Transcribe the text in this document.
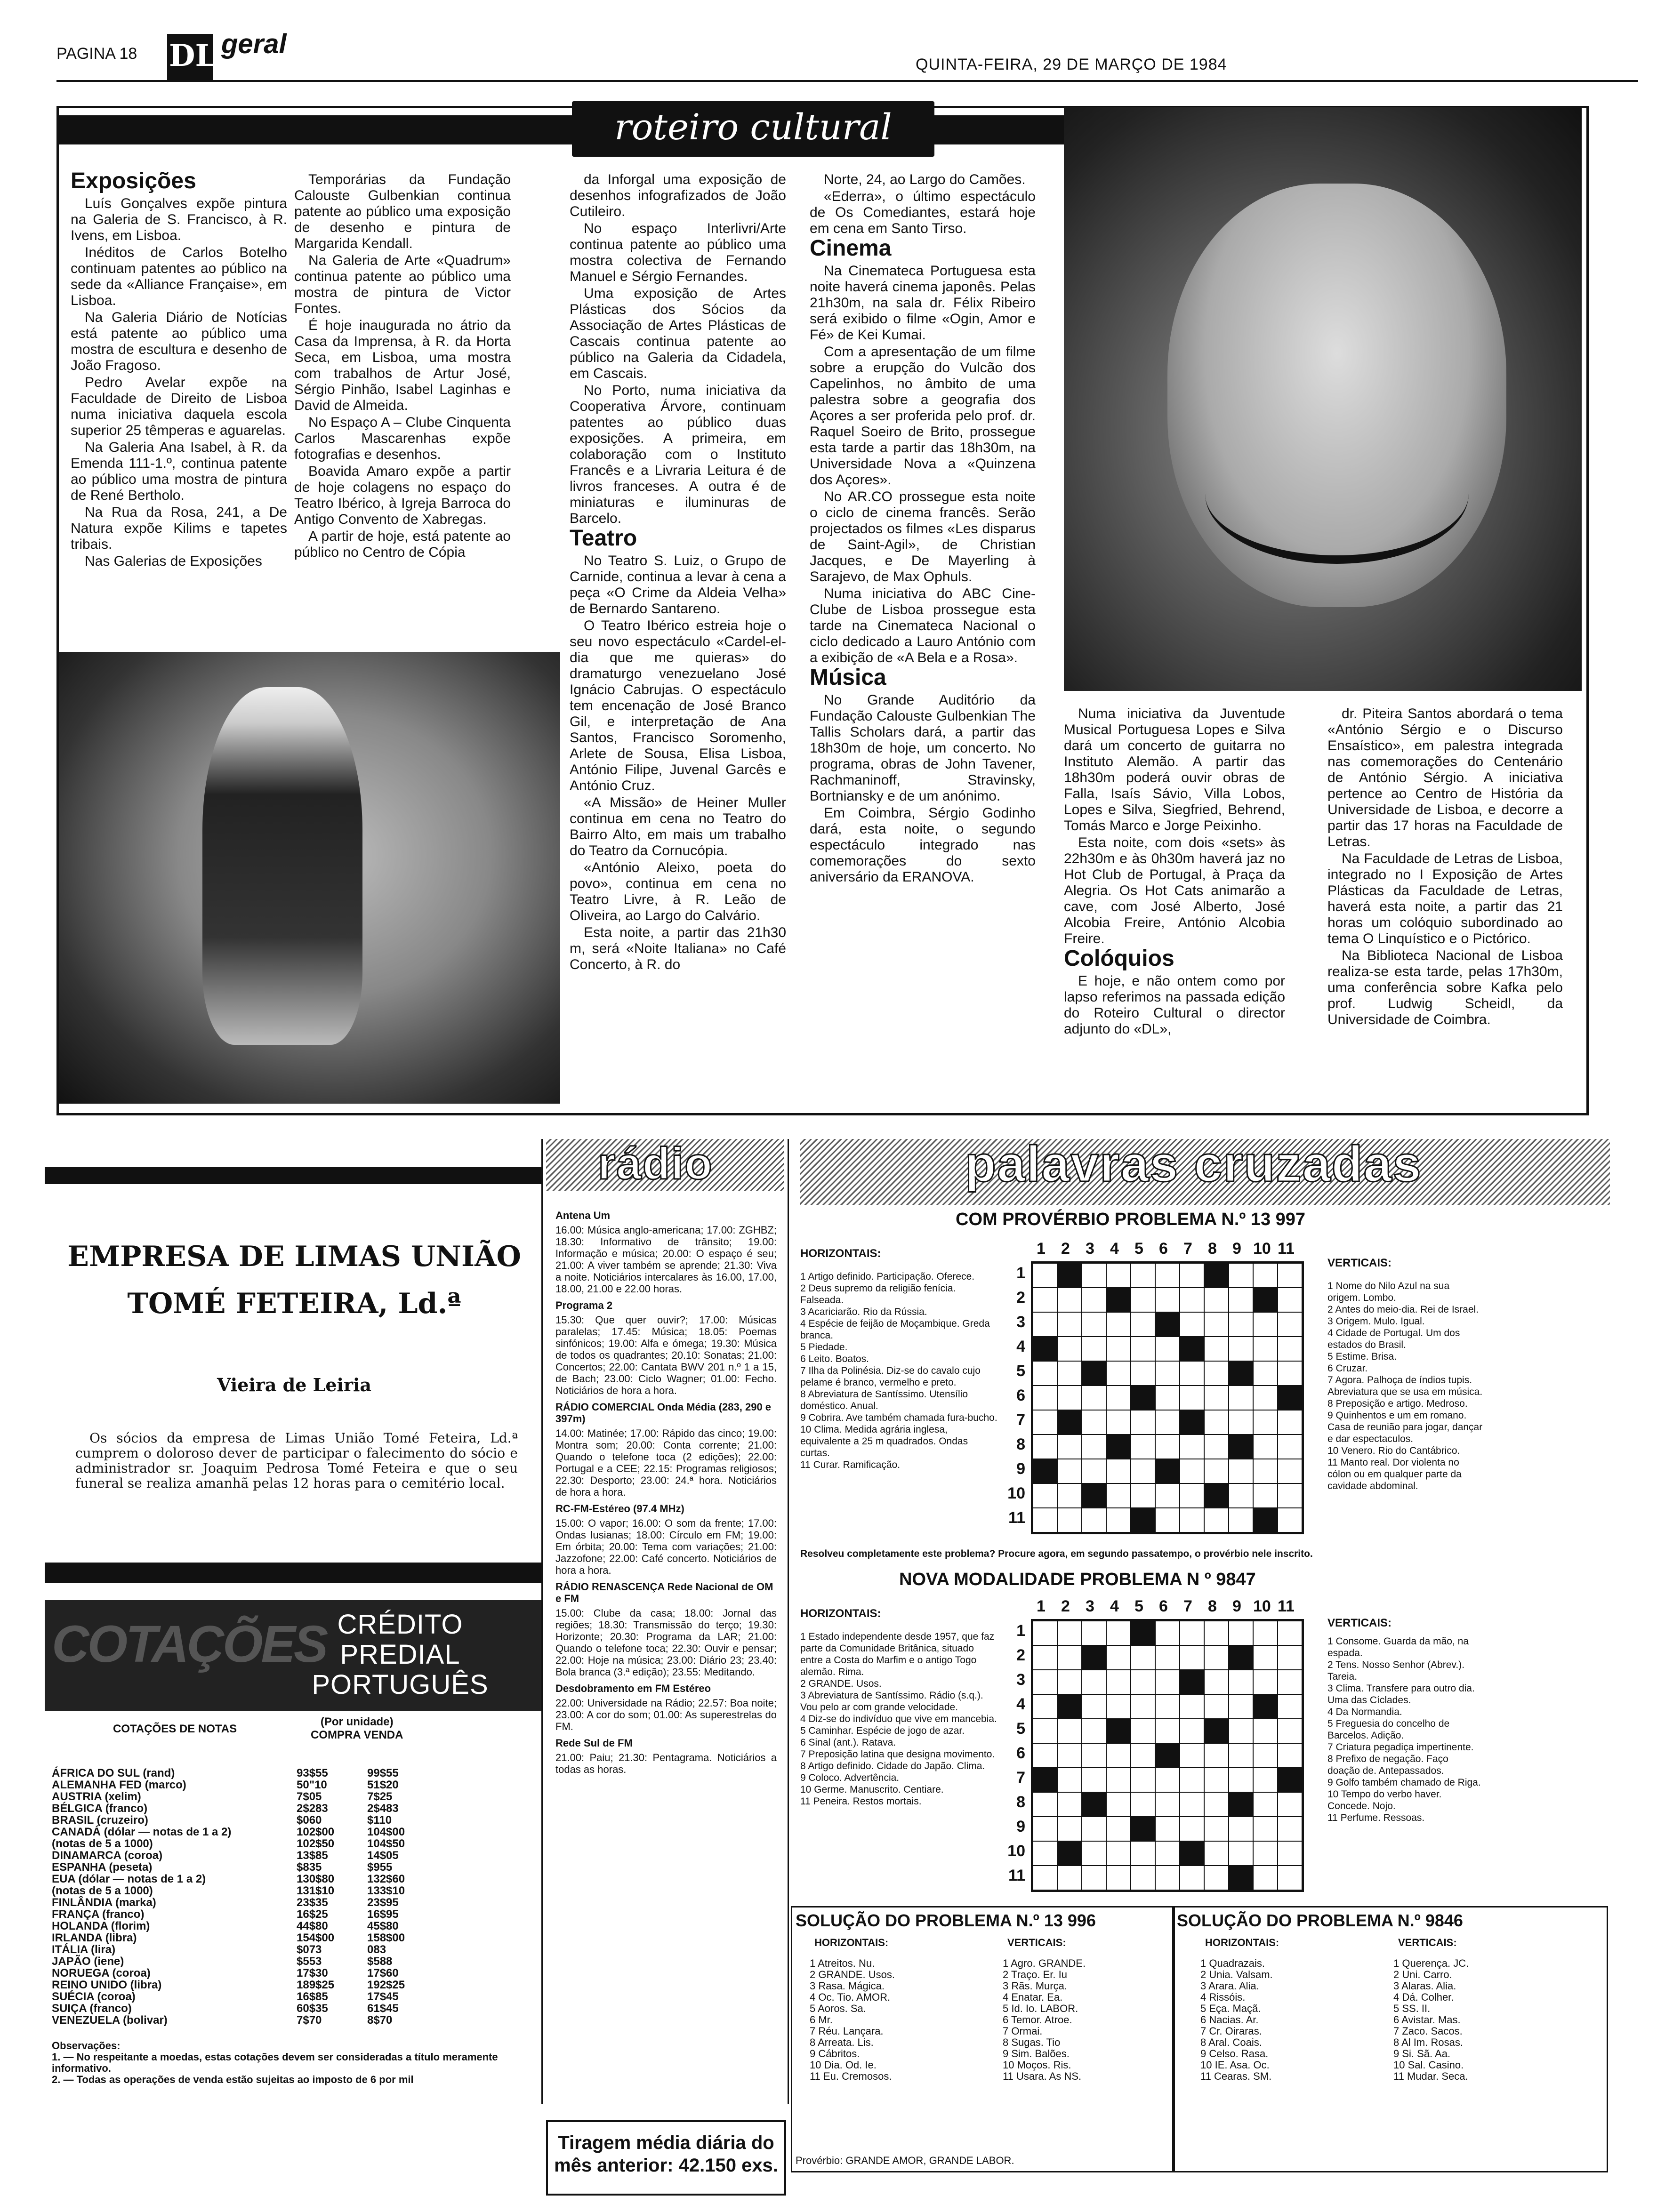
PAGINA 18 DL geral
QUINTA-FEIRA, 29 DE MARÇO DE 1984
roteiro cultural
Exposições

Luís Gonçalves expõe pintura na Galeria de S. Francisco, à R. Ivens, em Lisboa.

Inéditos de Carlos Botelho continuam patentes ao público na sede da «Alliance Française», em Lisboa.

Na Galeria Diário de Notícias está patente ao público uma mostra de escultura e desenho de João Fragoso.

Pedro Avelar expõe na Faculdade de Direito de Lisboa numa iniciativa daquela escola superior 25 têmperas e aguarelas.

Na Galeria Ana Isabel, à R. da Emenda 111-1.º, continua patente ao público uma mostra de pintura de René Bertholo.

Na Rua da Rosa, 241, a De Natura expõe Kilims e tapetes tribais.

Nas Galerias de Exposições

Temporárias da Fundação Calouste Gulbenkian continua patente ao público uma exposição de desenho e pintura de Margarida Kendall.

Na Galeria de Arte «Quadrum» continua patente ao público uma mostra de pintura de Victor Fontes.

É hoje inaugurada no átrio da Casa da Imprensa, à R. da Horta Seca, em Lisboa, uma mostra com trabalhos de Artur José, Sérgio Pinhão, Isabel Laginhas e David de Almeida.

No Espaço A – Clube Cinquenta Carlos Mascarenhas expõe fotografias e desenhos.

Boavida Amaro expõe a partir de hoje colagens no espaço do Teatro Ibérico, à Igreja Barroca do Antigo Convento de Xabregas.

A partir de hoje, está patente ao público no Centro de Cópia

da Inforgal uma exposição de desenhos infografizados de João Cutileiro.

No espaço Interlivri/Arte continua patente ao público uma mostra colectiva de Fernando Manuel e Sérgio Fernandes.

Uma exposição de Artes Plásticas dos Sócios da Associação de Artes Plásticas de Cascais continua patente ao público na Galeria da Cidadela, em Cascais.

No Porto, numa iniciativa da Cooperativa Árvore, continuam patentes ao público duas exposições. A primeira, em colaboração com o Instituto Francês e a Livraria Leitura é de livros franceses. A outra é de miniaturas e iluminuras de Barcelo.

Teatro

No Teatro S. Luiz, o Grupo de Carnide, continua a levar à cena a peça «O Crime da Aldeia Velha» de Bernardo Santareno.

O Teatro Ibérico estreia hoje o seu novo espectáculo «Cardel-el-dia que me quieras» do dramaturgo venezuelano José Ignácio Cabrujas. O espectáculo tem encenação de José Branco Gil, e interpretação de Ana Santos, Francisco Soromenho, Arlete de Sousa, Elisa Lisboa, António Filipe, Juvenal Garcês e António Cruz.

«A Missão» de Heiner Muller continua em cena no Teatro do Bairro Alto, em mais um trabalho do Teatro da Cornucópia.

«António Aleixo, poeta do povo», continua em cena no Teatro Livre, à R. Leão de Oliveira, ao Largo do Calvário.

Esta noite, a partir das 21h30 m, será «Noite Italiana» no Café Concerto, à R. do

Norte, 24, ao Largo do Camões.

«Ederra», o último espectáculo de Os Comediantes, estará hoje em cena em Santo Tirso.

Cinema

Na Cinemateca Portuguesa esta noite haverá cinema japonês. Pelas 21h30m, na sala dr. Félix Ribeiro será exibido o filme «Ogin, Amor e Fé» de Kei Kumai.

Com a apresentação de um filme sobre a erupção do Vulcão dos Capelinhos, no âmbito de uma palestra sobre a geografia dos Açores a ser proferida pelo prof. dr. Raquel Soeiro de Brito, prossegue esta tarde a partir das 18h30m, na Universidade Nova a «Quinzena dos Açores».

No AR.CO prossegue esta noite o ciclo de cinema francês. Serão projectados os filmes «Les disparus de Saint-Agil», de Christian Jacques, e De Mayerling à Sarajevo, de Max Ophuls.

Numa iniciativa do ABC Cine-Clube de Lisboa prossegue esta tarde na Cinemateca Nacional o ciclo dedicado a Lauro António com a exibição de «A Bela e a Rosa».

Música

No Grande Auditório da Fundação Calouste Gulbenkian The Tallis Scholars dará, a partir das 18h30m de hoje, um concerto. No programa, obras de John Tavener, Rachmaninoff, Stravinsky, Bortniansky e de um anónimo.

Em Coimbra, Sérgio Godinho dará, esta noite, o segundo espectáculo integrado nas comemorações do sexto aniversário da ERANOVA.

Numa iniciativa da Juventude Musical Portuguesa Lopes e Silva dará um concerto de guitarra no Instituto Alemão. A partir das 18h30m poderá ouvir obras de Falla, Isaís Sávio, Villa Lobos, Lopes e Silva, Siegfried, Behrend, Tomás Marco e Jorge Peixinho.

Esta noite, com dois «sets» às 22h30m e às 0h30m haverá jaz no Hot Club de Portugal, à Praça da Alegria. Os Hot Cats animarão a cave, com José Alberto, José Alcobia Freire, António Alcobia Freire.

Colóquios

E hoje, e não ontem como por lapso referimos na passada edição do Roteiro Cultural o director adjunto do «DL»,

dr. Piteira Santos abordará o tema «António Sérgio e o Discurso Ensaístico», em palestra integrada nas comemorações do Centenário de António Sérgio. A iniciativa pertence ao Centro de História da Universidade de Lisboa, e decorre a partir das 17 horas na Faculdade de Letras.

Na Faculdade de Letras de Lisboa, integrado no I Exposição de Artes Plásticas da Faculdade de Letras, haverá esta noite, a partir das 21 horas um colóquio subordinado ao tema O Linquístico e o Pictórico.

Na Biblioteca Nacional de Lisboa realiza-se esta tarde, pelas 17h30m, uma conferência sobre Kafka pelo prof. Ludwig Scheidl, da Universidade de Coimbra.

EMPRESA DE LIMAS UNIÃO
TOMÉ FETEIRA, Ld.ª
Vieira de Leiria
Os sócios da empresa de Limas União Tomé Feteira, Ld.ª cumprem o doloroso dever de participar o falecimento do sócio e administrador sr. Joaquim Pedrosa Tomé Feteira e que o seu funeral se realiza amanhã pelas 12 horas para o cemitério local.
COTAÇÕES CRÉDITO
PREDIAL
PORTUGUÊS
COTAÇÕES DE NOTAS
(Por unidade)
COMPRA VENDA
ÁFRICA DO SUL (rand)	93$55	99$55
ALEMANHA FED (marco)	50"10	51$20
AUSTRIA (xelim)	7$05	7$25
BÉLGICA (franco)	2$283	2$483
BRASIL (cruzeiro)	$060	$110
CANADÁ (dólar — notas de 1 a 2)	102$00	104$00
(notas de 5 a 1000)	102$50	104$50
DINAMARCA (coroa)	13$85	14$05
ESPANHA (peseta)	$835	$955
EUA (dólar — notas de 1 a 2)	130$80	132$60
(notas de 5 a 1000)	131$10	133$10
FINLÂNDIA (marka)	23$35	23$95
FRANÇA (franco)	16$25	16$95
HOLANDA (florim)	44$80	45$80
IRLANDA (libra)	154$00	158$00
ITÁLIA (lira)	$073	083
JAPÃO (iene)	$553	$588
NORUEGA (coroa)	17$30	17$60
REINO UNIDO (libra)	189$25	192$25
SUÉCIA (coroa)	16$85	17$45
SUIÇA (franco)	60$35	61$45
VENEZUELA (bolivar)	7$70	8$70
Observações:
1. — No respeitante a moedas, estas cotações devem ser consideradas a título meramente informativo.
2. — Todas as operações de venda estão sujeitas ao imposto de 6 por mil
rádio
Antena Um

16.00: Música anglo-americana; 17.00: ZGHBZ; 18.30: Informativo de trânsito; 19.00: Informação e música; 20.00: O espaço é seu; 21.00: A viver também se aprende; 21.30: Viva a noite. Noticiários intercalares às 16.00, 17.00, 18.00, 21.00 e 22.00 horas.

Programa 2

15.30: Que quer ouvir?; 17.00: Músicas paralelas; 17.45: Música; 18.05: Poemas sinfónicos; 19.00: Alfa e ómega; 19.30: Música de todos os quadrantes; 20.10: Sonatas; 21.00: Concertos; 22.00: Cantata BWV 201 n.º 1 a 15, de Bach; 23.00: Ciclo Wagner; 01.00: Fecho. Noticiários de hora a hora.

RÁDIO COMERCIAL Onda Média (283, 290 e 397m)

14.00: Matinée; 17.00: Rápido das cinco; 19.00: Montra som; 20.00: Conta corrente; 21.00: Quando o telefone toca (2 edições); 22.00: Portugal e a CEE; 22.15: Programas religiosos; 22.30: Desporto; 23.00: 24.ª hora. Noticiários de hora a hora.

RC-FM-Estéreo (97.4 MHz)

15.00: O vapor; 16.00: O som da frente; 17.00: Ondas lusianas; 18.00: Círculo em FM; 19.00: Em órbita; 20.00: Tema com variações; 21.00: Jazzofone; 22.00: Café concerto. Noticiários de hora a hora.

RÁDIO RENASCENÇA Rede Nacional de OM e FM

15.00: Clube da casa; 18.00: Jornal das regiões; 18.30: Transmissão do terço; 19.30: Horizonte; 20.30: Programa da LAR; 21.00: Quando o telefone toca; 22.30: Ouvir e pensar; 22.00: Hoje na música; 23.00: Diário 23; 23.40: Bola branca (3.ª edição); 23.55: Meditando.

Desdobramento em FM Estéreo

22.00: Universidade na Rádio; 22.57: Boa noite; 23.00: A cor do som; 01.00: As superestrelas do FM.

Rede Sul de FM

21.00: Paiu; 21.30: Pentagrama. Noticiários a todas as horas.

Tiragem média diária do
mês anterior: 42.150 exs.
palavras cruzadas
COM PROVÉRBIO PROBLEMA N.º 13 997
HORIZONTAIS:
1 Artigo definido. Participação. Oferece.
2 Deus supremo da religião fenícia. Falseada.
3 Acariciarão. Rio da Rússia.
4 Espécie de feijão de Moçambique. Greda branca.
5 Piedade.
6 Leito. Boatos.
7 Ilha da Polinésia. Diz-se do cavalo cujo pelame é branco, vermelho e preto.
8 Abreviatura de Santíssimo. Utensílio doméstico. Anual.
9 Cobrira. Ave também chamada fura-bucho.
10 Clima. Medida agrária inglesa, equivalente a 25 m quadrados. Ondas curtas.
11 Curar. Ramificação.
VERTICAIS:
1 Nome do Nilo Azul na sua origem. Lombo.
2 Antes do meio-dia. Rei de Israel.
3 Origem. Mulo. Igual.
4 Cidade de Portugal. Um dos estados do Brasil.
5 Estime. Brisa.
6 Cruzar.
7 Agora. Palhoça de índios tupis. Abreviatura que se usa em música.
8 Preposição e artigo. Medroso.
9 Quinhentos e um em romano. Casa de reunião para jogar, dançar e dar espectaculos.
10 Venero. Rio do Cantábrico.
11 Manto real. Dor violenta no cólon ou em qualquer parte da cavidade abdominal.
1 2 3 4 5 6 7 8 9 10 11
1
2
3
4
5
6
7
8
9
10
11
Resolveu completamente este problema? Procure agora, em segundo passatempo, o provérbio nele inscrito.
NOVA MODALIDADE PROBLEMA N º 9847
HORIZONTAIS:
1 Estado independente desde 1957, que faz parte da Comunidade Britânica, situado entre a Costa do Marfim e o antigo Togo alemão. Rima.
2 GRANDE. Usos.
3 Abreviatura de Santíssimo. Rádio (s.q.). Vou pelo ar com grande velocidade.
4 Diz-se do indivíduo que vive em mancebia.
5 Caminhar. Espécie de jogo de azar.
6 Sinal (ant.). Ratava.
7 Preposição latina que designa movimento.
8 Artigo definido. Cidade do Japão. Clima.
9 Coloco. Advertência.
10 Germe. Manuscrito. Centiare.
11 Peneira. Restos mortais.
VERTICAIS:
1 Consome. Guarda da mão, na espada.
2 Tens. Nosso Senhor (Abrev.). Tareia.
3 Clima. Transfere para outro dia. Uma das Cíclades.
4 Da Normandia.
5 Freguesia do concelho de Barcelos. Adição.
7 Criatura pegadiça impertinente.
8 Prefixo de negação. Faço doação de. Antepassados.
9 Golfo também chamado de Riga.
10 Tempo do verbo haver. Concede. Nojo.
11 Perfume. Ressoas.
1 2 3 4 5 6 7 8 9 10 11
1
2
3
4
5
6
7
8
9
10
11
SOLUÇÃO DO PROBLEMA N.º 13 996
HORIZONTAIS:	VERTICAIS:
1 Atreitos. Nu.
2 GRANDE. Usos.
3 Rasa. Mágica.
4 Oc. Tio. AMOR.
5 Aoros. Sa.
6 Mr.
7 Réu. Lançara.
8 Arreata. Lis.
9 Cábritos.
10 Dia. Od. Ie.
11 Eu. Cremosos.
1 Agro. GRANDE.
2 Traço. Er. Iu
3 Rãs. Murça.
4 Enatar. Ea.
5 Id. Io. LABOR.
6 Temor. Atroe.
7 Ormai.
8 Sugas. Tio
9 Sim. Balões.
10 Moços. Ris.
11 Usara. As NS.
Provérbio: GRANDE AMOR, GRANDE LABOR.
SOLUÇÃO DO PROBLEMA N.º 9846
HORIZONTAIS:	VERTICAIS:
1 Quadrazais.
2 Unia. Valsam.
3 Arara. Alia.
4 Rissóis.
5 Eça. Maçã.
6 Nacias. Ar.
7 Cr. Oiraras.
8 Aral. Coais.
9 Celso. Rasa.
10 IE. Asa. Oc.
11 Cearas. SM.
1 Querença. JC.
2 Uni. Carro.
3 Alaras. Alia.
4 Dá. Colher.
5 SS. II.
6 Avistar. Mas.
7 Zaco. Sacos.
8 Al Im. Rosas.
9 Si. Sã. Aa.
10 Sal. Casino.
11 Mudar. Seca.
